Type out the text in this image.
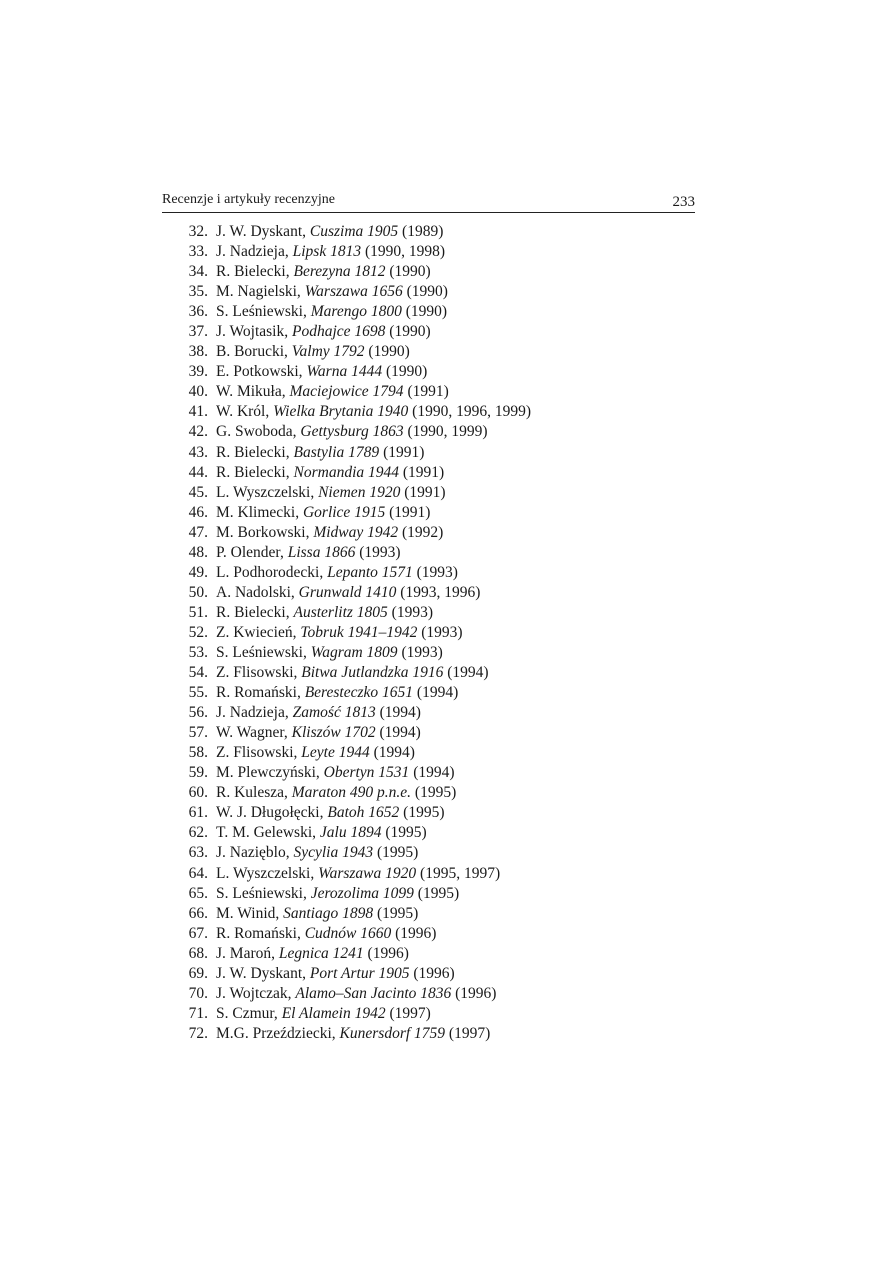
Recenzje i artykuły recenzyjne	233
32. J. W. Dyskant, Cuszima 1905 (1989)
33. J. Nadzieja, Lipsk 1813 (1990, 1998)
34. R. Bielecki, Berezyna 1812 (1990)
35. M. Nagielski, Warszawa 1656 (1990)
36. S. Leśniewski, Marengo 1800 (1990)
37. J. Wojtasik, Podhajce 1698 (1990)
38. B. Borucki, Valmy 1792 (1990)
39. E. Potkowski, Warna 1444 (1990)
40. W. Mikuła, Maciejowice 1794 (1991)
41. W. Król, Wielka Brytania 1940 (1990, 1996, 1999)
42. G. Swoboda, Gettysburg 1863 (1990, 1999)
43. R. Bielecki, Bastylia 1789 (1991)
44. R. Bielecki, Normandia 1944 (1991)
45. L. Wyszczelski, Niemen 1920 (1991)
46. M. Klimecki, Gorlice 1915 (1991)
47. M. Borkowski, Midway 1942 (1992)
48. P. Olender, Lissa 1866 (1993)
49. L. Podhorodecki, Lepanto 1571 (1993)
50. A. Nadolski, Grunwald 1410 (1993, 1996)
51. R. Bielecki, Austerlitz 1805 (1993)
52. Z. Kwiecień, Tobruk 1941–1942 (1993)
53. S. Leśniewski, Wagram 1809 (1993)
54. Z. Flisowski, Bitwa Jutlandzka 1916 (1994)
55. R. Romański, Beresteczko 1651 (1994)
56. J. Nadzieja, Zamość 1813 (1994)
57. W. Wagner, Kliszów 1702 (1994)
58. Z. Flisowski, Leyte 1944 (1994)
59. M. Plewczyński, Obertyn 1531 (1994)
60. R. Kulesza, Maraton 490 p.n.e. (1995)
61. W. J. Długołęcki, Batoh 1652 (1995)
62. T. M. Gelewski, Jalu 1894 (1995)
63. J. Nazięblo, Sycylia 1943 (1995)
64. L. Wyszczelski, Warszawa 1920 (1995, 1997)
65. S. Leśniewski, Jerozolima 1099 (1995)
66. M. Winid, Santiago 1898 (1995)
67. R. Romański, Cudnów 1660 (1996)
68. J. Maroń, Legnica 1241 (1996)
69. J. W. Dyskant, Port Artur 1905 (1996)
70. J. Wojtczak, Alamo–San Jacinto 1836 (1996)
71. S. Czmur, El Alamein 1942 (1997)
72. M.G. Przeździecki, Kunersdorf 1759 (1997)
